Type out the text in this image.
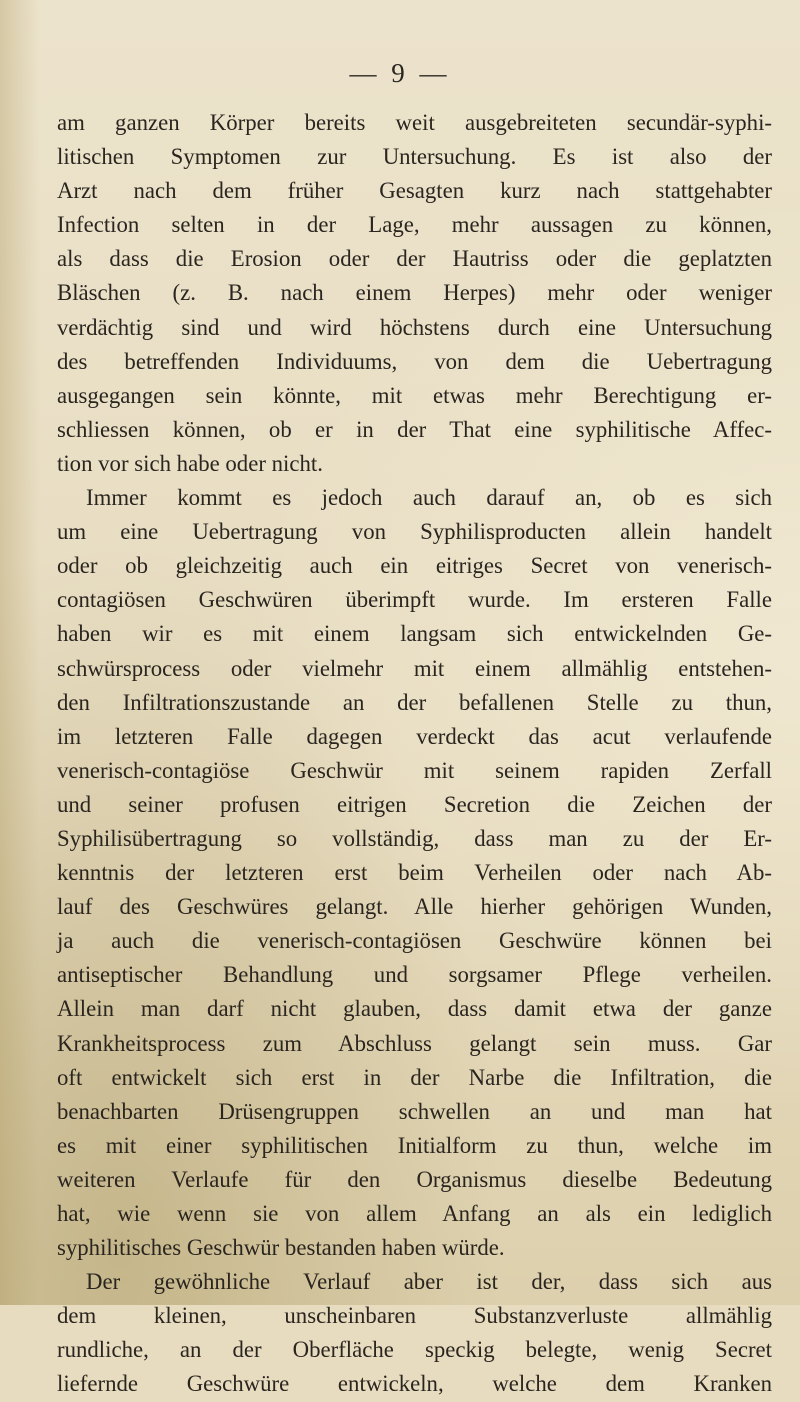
— 9 —

am ganzen Körper bereits weit ausgebreiteten secundär-syphi-
litischen Symptomen zur Untersuchung. Es ist also der
Arzt nach dem früher Gesagten kurz nach stattgehabter
Infection selten in der Lage, mehr aussagen zu können,
als dass die Erosion oder der Hautriss oder die geplatzten
Bläschen (z. B. nach einem Herpes) mehr oder weniger
verdächtig sind und wird höchstens durch eine Untersuchung
des betreffenden Individuums, von dem die Uebertragung
ausgegangen sein könnte, mit etwas mehr Berechtigung er-
schliessen können, ob er in der That eine syphilitische Affec-
tion vor sich habe oder nicht.
Immer kommt es jedoch auch darauf an, ob es sich
um eine Uebertragung von Syphilisproducten allein handelt
oder ob gleichzeitig auch ein eitriges Secret von venerisch-
contagiösen Geschwüren überimpft wurde. Im ersteren Falle
haben wir es mit einem langsam sich entwickelnden Ge-
schwürsprocess oder vielmehr mit einem allmählig entstehen-
den Infiltrationszustande an der befallenen Stelle zu thun,
im letzteren Falle dagegen verdeckt das acut verlaufende
venerisch-contagiöse Geschwür mit seinem rapiden Zerfall
und seiner profusen eitrigen Secretion die Zeichen der
Syphilisübertragung so vollständig, dass man zu der Er-
kenntnis der letzteren erst beim Verheilen oder nach Ab-
lauf des Geschwüres gelangt. Alle hierher gehörigen Wunden,
ja auch die venerisch-contagiösen Geschwüre können bei
antiseptischer Behandlung und sorgsamer Pflege verheilen.
Allein man darf nicht glauben, dass damit etwa der ganze
Krankheitsprocess zum Abschluss gelangt sein muss. Gar
oft entwickelt sich erst in der Narbe die Infiltration, die
benachbarten Drüsengruppen schwellen an und man hat
es mit einer syphilitischen Initialform zu thun, welche im
weiteren Verlaufe für den Organismus dieselbe Bedeutung
hat, wie wenn sie von allem Anfang an als ein lediglich
syphilitisches Geschwür bestanden haben würde.
Der gewöhnliche Verlauf aber ist der, dass sich aus
dem kleinen, unscheinbaren Substanzverluste allmählig
rundliche, an der Oberfläche speckig belegte, wenig Secret
liefernde Geschwüre entwickeln, welche dem Kranken
